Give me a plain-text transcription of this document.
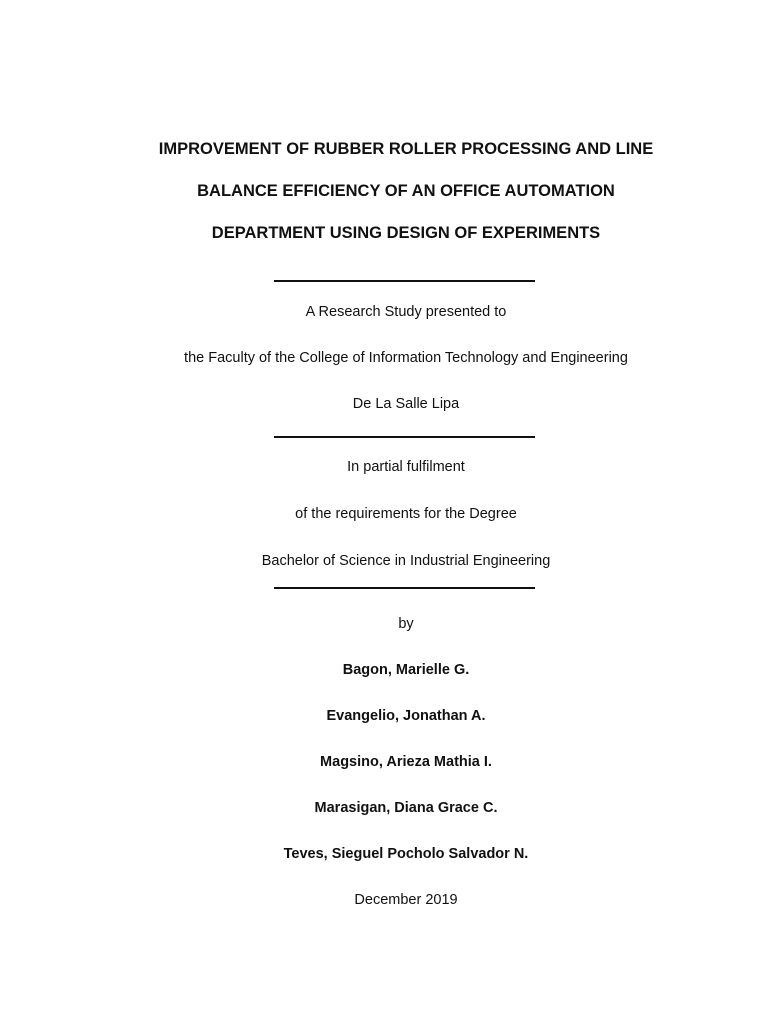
IMPROVEMENT OF RUBBER ROLLER PROCESSING AND LINE
BALANCE EFFICIENCY OF AN OFFICE AUTOMATION
DEPARTMENT USING DESIGN OF EXPERIMENTS
A Research Study presented to
the Faculty of the College of Information Technology and Engineering
De La Salle Lipa
In partial fulfilment
of the requirements for the Degree
Bachelor of Science in Industrial Engineering
by
Bagon, Marielle G.
Evangelio, Jonathan A.
Magsino, Arieza Mathia I.
Marasigan, Diana Grace C.
Teves, Sieguel Pocholo Salvador N.
December 2019
